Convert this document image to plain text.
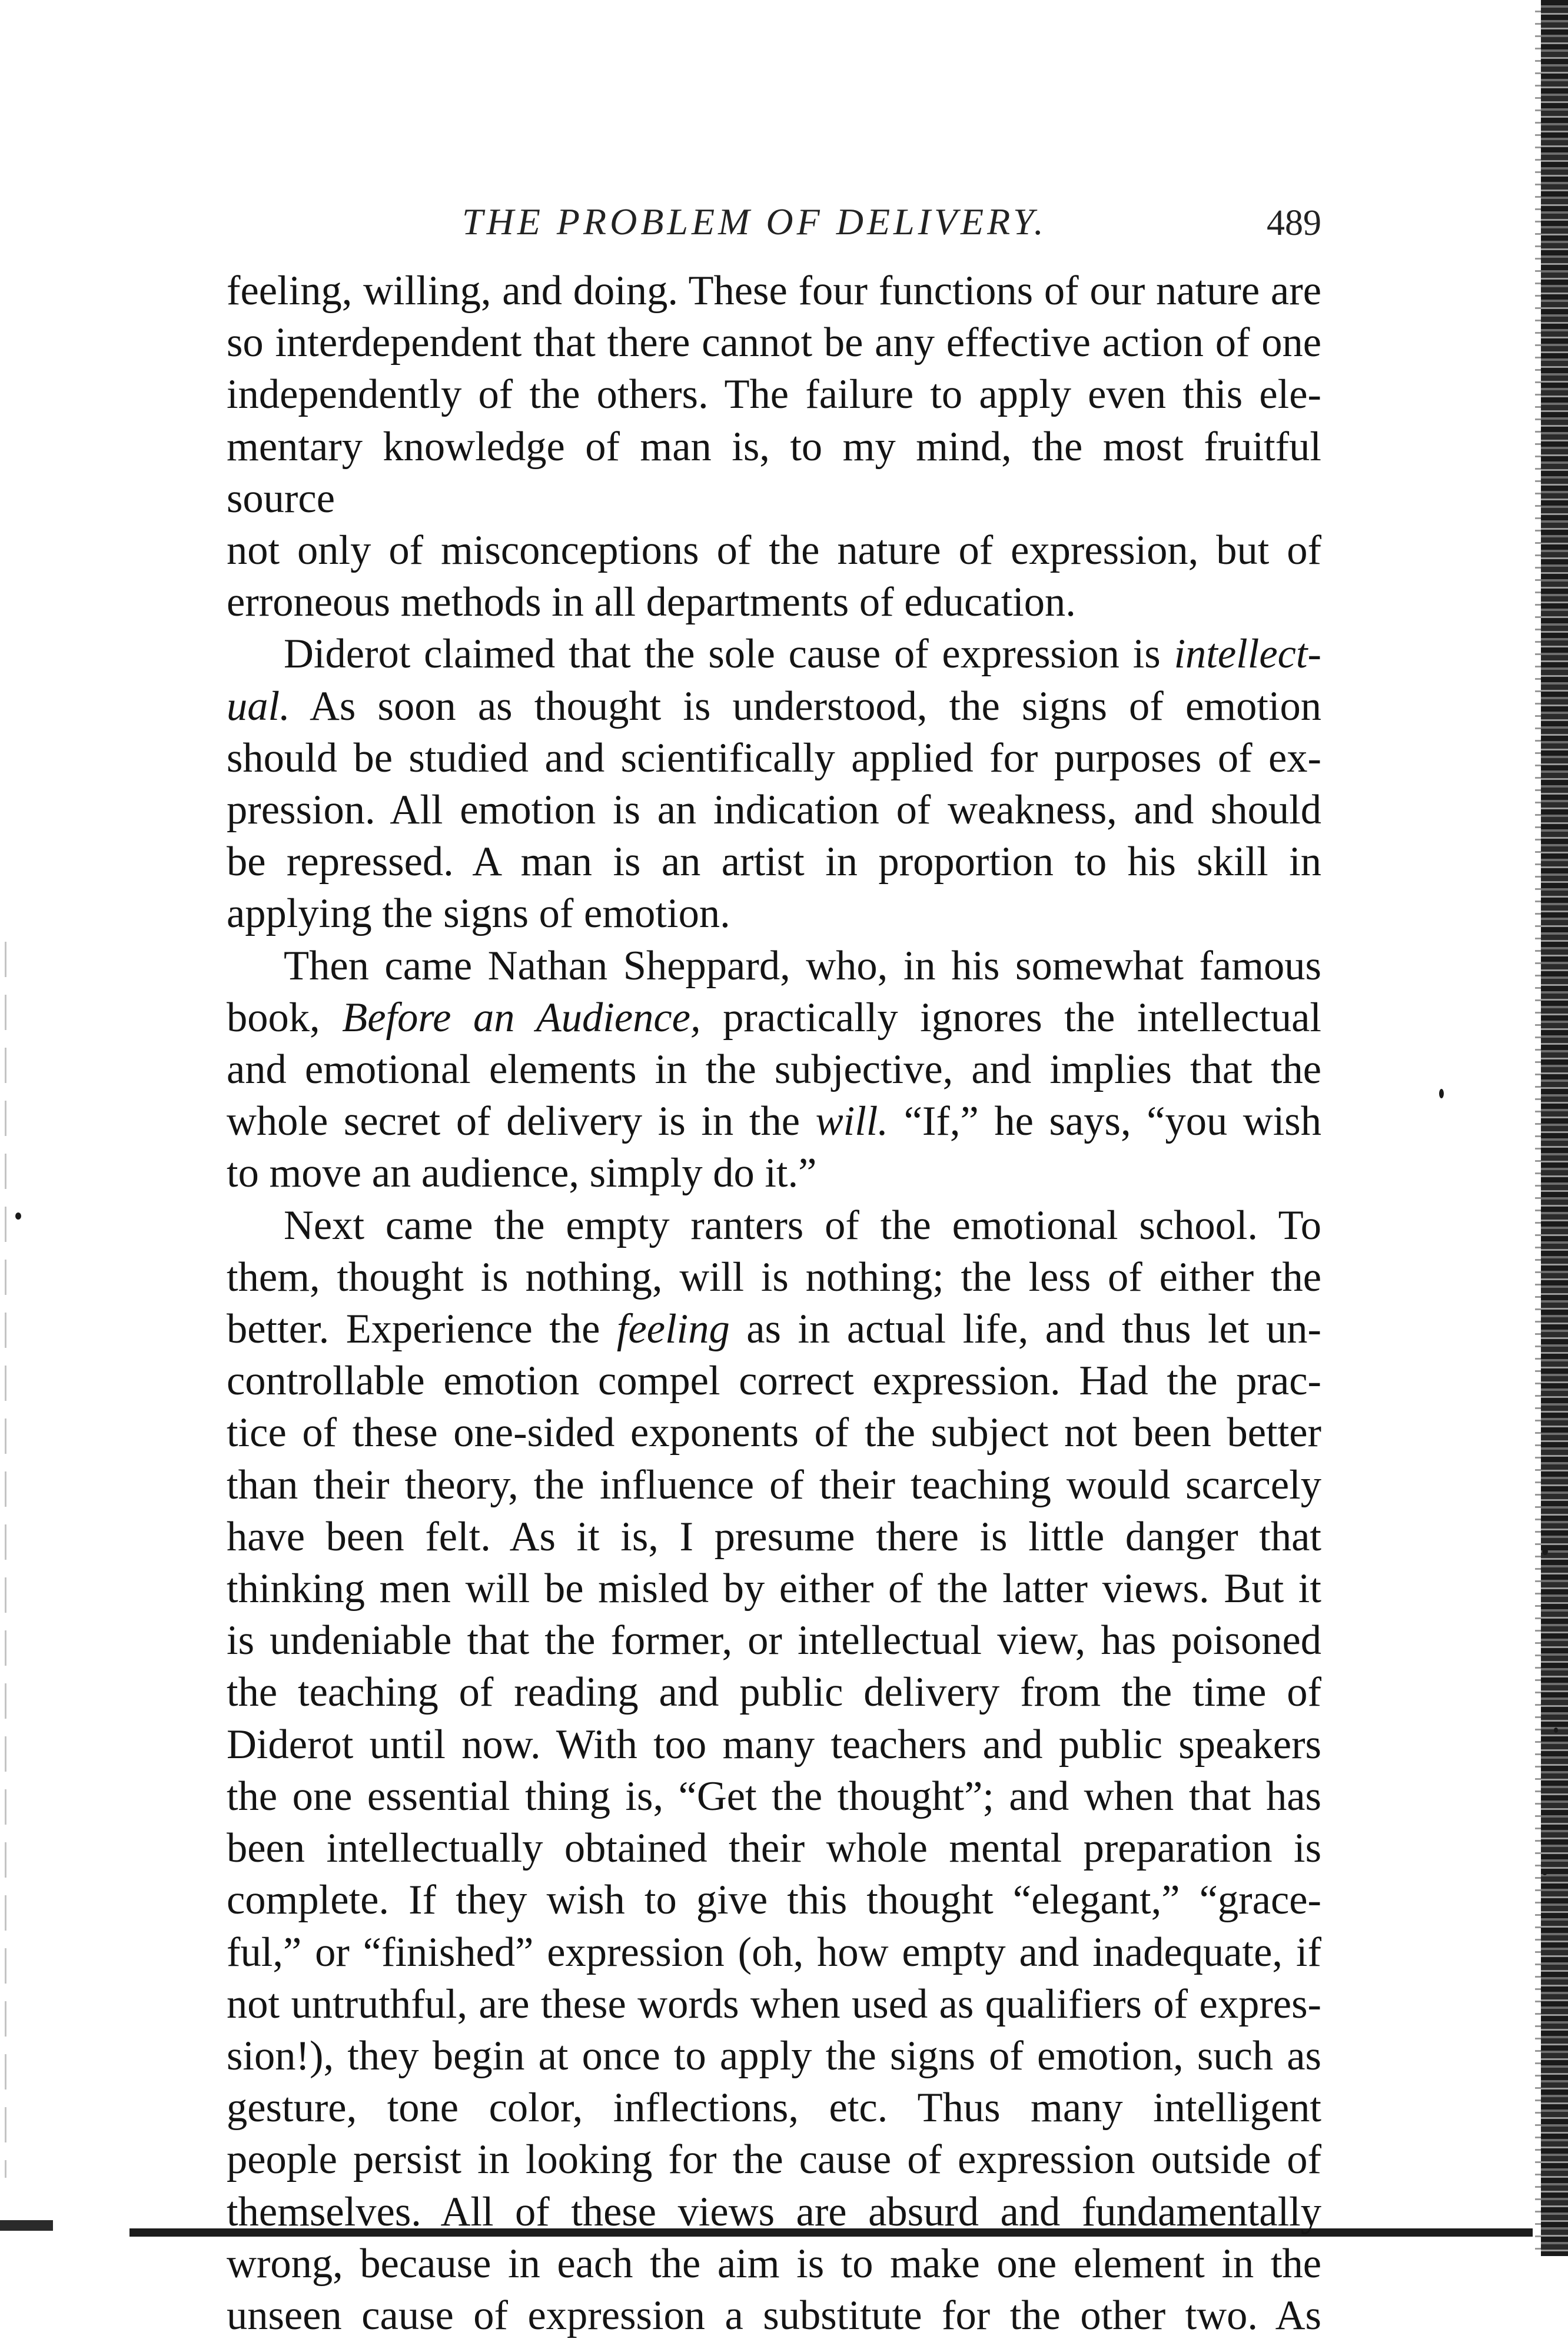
THE PROBLEM OF DELIVERY.	489

feeling, willing, and doing. These four functions of our nature are

so interdependent that there cannot be any effective action of one

independently of the others. The failure to apply even this ele-

mentary knowledge of man is, to my mind, the most fruitful source

not only of misconceptions of the nature of expression, but of

erroneous methods in all departments of education.

Diderot claimed that the sole cause of expression is intellect-

ual. As soon as thought is understood, the signs of emotion

should be studied and scientifically applied for purposes of ex-

pression. All emotion is an indication of weakness, and should

be repressed. A man is an artist in proportion to his skill in

applying the signs of emotion.

Then came Nathan Sheppard, who, in his somewhat famous

book, Before an Audience, practically ignores the intellectual

and emotional elements in the subjective, and implies that the

whole secret of delivery is in the will. “If,” he says, “you wish

to move an audience, simply do it.”

Next came the empty ranters of the emotional school. To

them, thought is nothing, will is nothing; the less of either the

better. Experience the feeling as in actual life, and thus let un-

controllable emotion compel correct expression. Had the prac-

tice of these one-sided exponents of the subject not been better

than their theory, the influence of their teaching would scarcely

have been felt. As it is, I presume there is little danger that

thinking men will be misled by either of the latter views. But it

is undeniable that the former, or intellectual view, has poisoned

the teaching of reading and public delivery from the time of

Diderot until now. With too many teachers and public speakers

the one essential thing is, “Get the thought”; and when that has

been intellectually obtained their whole mental preparation is

complete. If they wish to give this thought “elegant,” “grace-

ful,” or “finished” expression (oh, how empty and inadequate, if

not untruthful, are these words when used as qualifiers of expres-

sion!), they begin at once to apply the signs of emotion, such as

gesture, tone color, inflections, etc. Thus many intelligent

people persist in looking for the cause of expression outside of

themselves. All of these views are absurd and fundamentally

wrong, because in each the aim is to make one element in the

unseen cause of expression a substitute for the other two. As
